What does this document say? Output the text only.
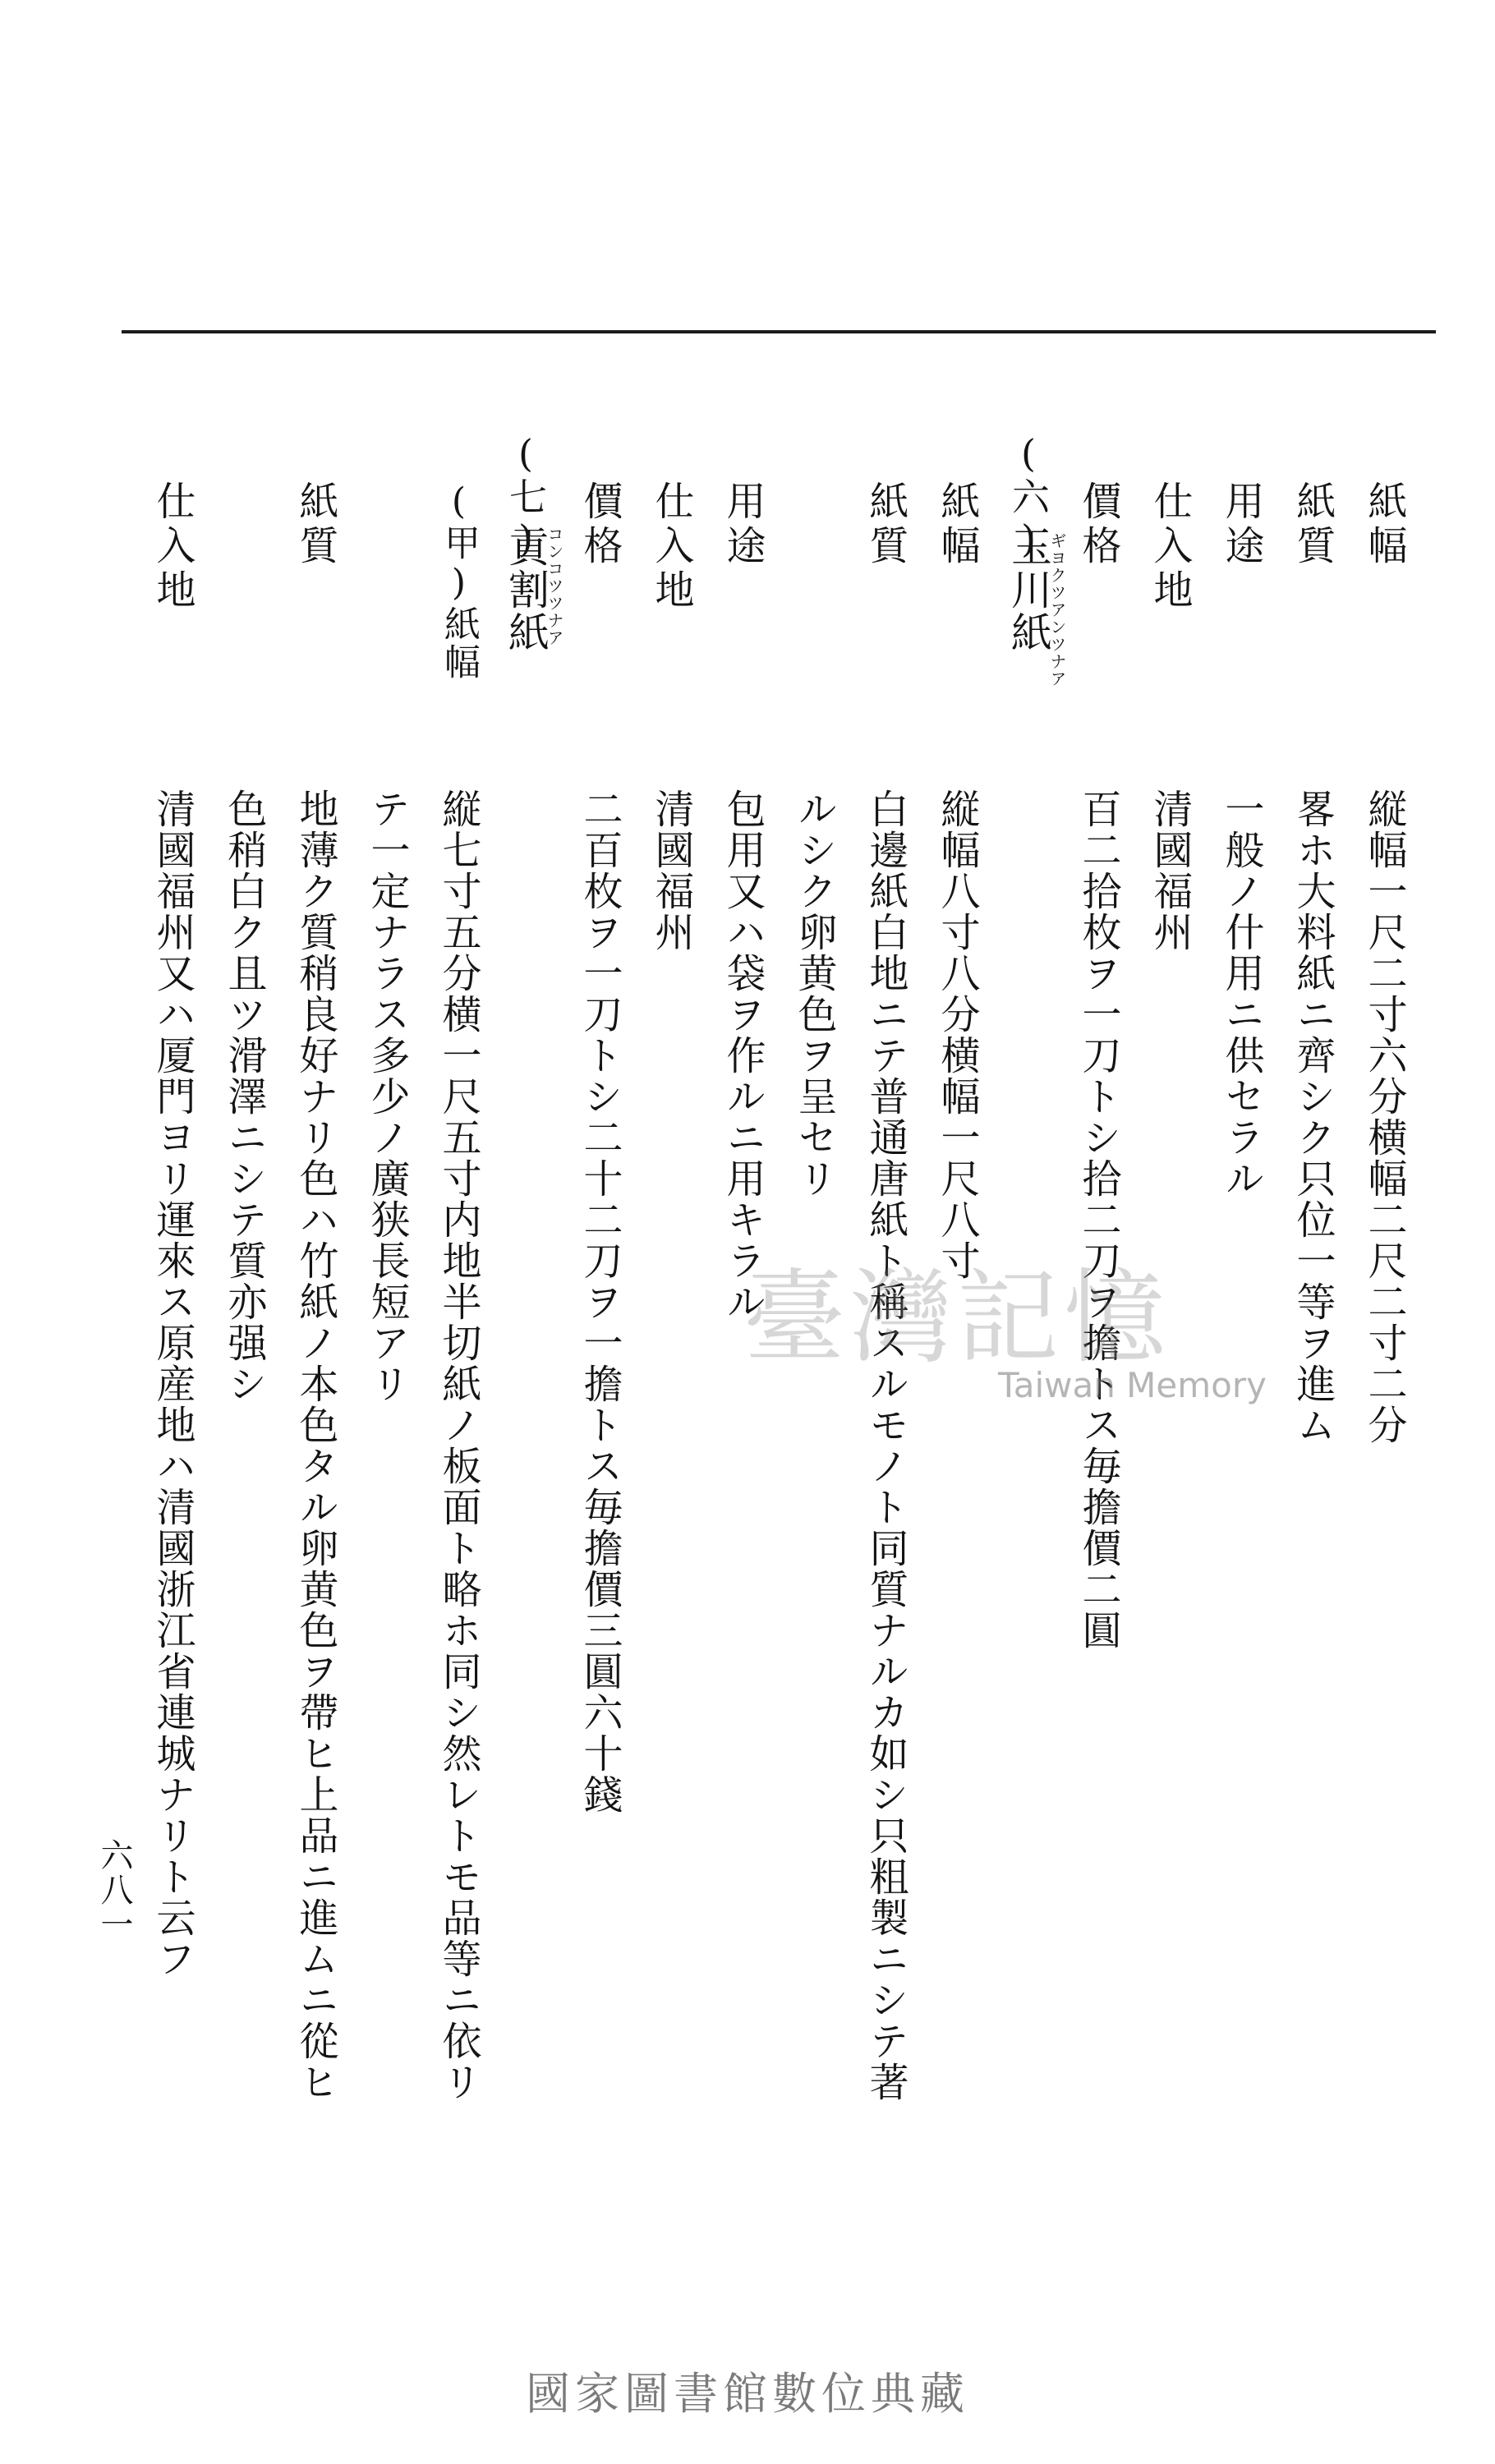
紙幅
紙質
用途
仕入地
價格
(六)
玉川紙
ギヨクツアンツナア
紙幅
紙質
用途
仕入地
價格
(七)
貢割紙
コンコツツナア
(甲)紙幅
紙質
仕入地
縦幅一尺二寸六分横幅二尺二寸二分
畧ホ大料紙ニ齊シク只位一等ヲ進ム
一般ノ什用ニ供セラル
清國福州
百二拾枚ヲ一刀トシ拾二刀ヲ擔トス毎擔價二圓
縦幅八寸八分横幅一尺八寸
白邊紙白地ニテ普通唐紙ト稱スルモノト同質ナルカ如シ只粗製ニシテ著
ルシク卵黄色ヲ呈セリ
包用又ハ袋ヲ作ルニ用キラル
清國福州
二百枚ヲ一刀トシ二十二刀ヲ一擔トス毎擔價三圓六十錢
縦七寸五分横一尺五寸内地半切紙ノ板面ト略ホ同シ然レトモ品等ニ依リ
テ一定ナラス多少ノ廣狭長短アリ
地薄ク質稍良好ナリ色ハ竹紙ノ本色タル卵黄色ヲ帶ヒ上品ニ進ムニ從ヒ
色稍白ク且ツ滑澤ニシテ質亦强シ
清國福州又ハ厦門ヨリ運來ス原産地ハ清國浙江省連城ナリト云フ
六八一
臺灣記憶
Taiwan Memory
國家圖書館數位典藏
